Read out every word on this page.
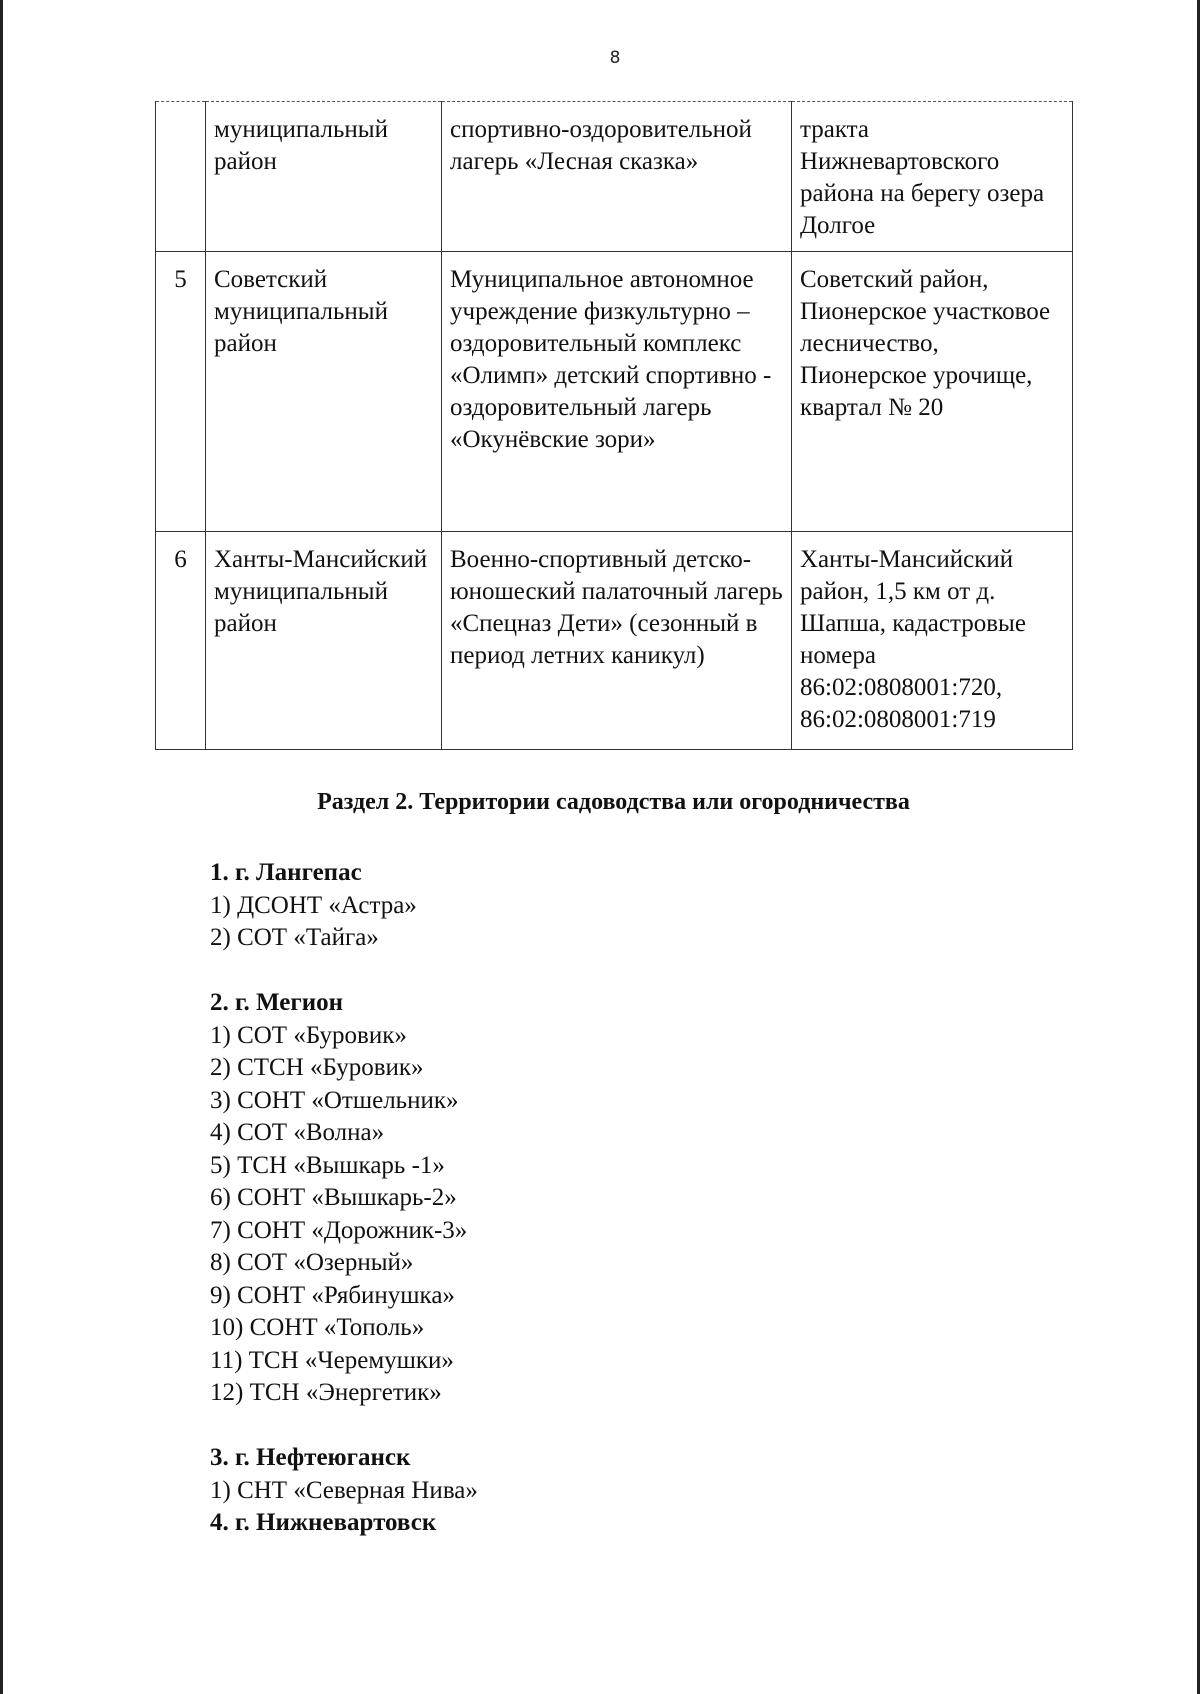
8
	муниципальный район	спортивно-оздоровительной лагерь «Лесная сказка»	тракта Нижневартовского района на берегу озера Долгое
5	Советский муниципальный район	Муниципальное автономное учреждение физкультурно – оздоровительный комплекс «Олимп» детский спортивно - оздоровительный лагерь «Окунёвские зори»	Советский район, Пионерское участковое лесничество, Пионерское урочище, квартал № 20
6	Ханты-Мансийский муниципальный район	Военно-спортивный детско-юношеский палаточный лагерь «Спецназ Дети» (сезонный в период летних каникул)	Ханты-Мансийский район, 1,5 км от д. Шапша, кадастровые номера 86:02:0808001:720, 86:02:0808001:719
Раздел 2. Территории садоводства или огородничества
1. г. Лангепас
1) ДСОНТ «Астра»
2) СОТ «Тайга»
2. г. Мегион
1) СОТ «Буровик»
2) СТСН «Буровик»
3) СОНТ «Отшельник»
4) СОТ «Волна»
5) ТСН «Вышкарь -1»
6) СОНТ «Вышкарь-2»
7) СОНТ «Дорожник-3»
8) СОТ «Озерный»
9) СОНТ «Рябинушка»
10) СОНТ «Тополь»
11) ТСН «Черемушки»
12) ТСН «Энергетик»
3. г. Нефтеюганск
1) СНТ «Северная Нива»
4. г. Нижневартовск
